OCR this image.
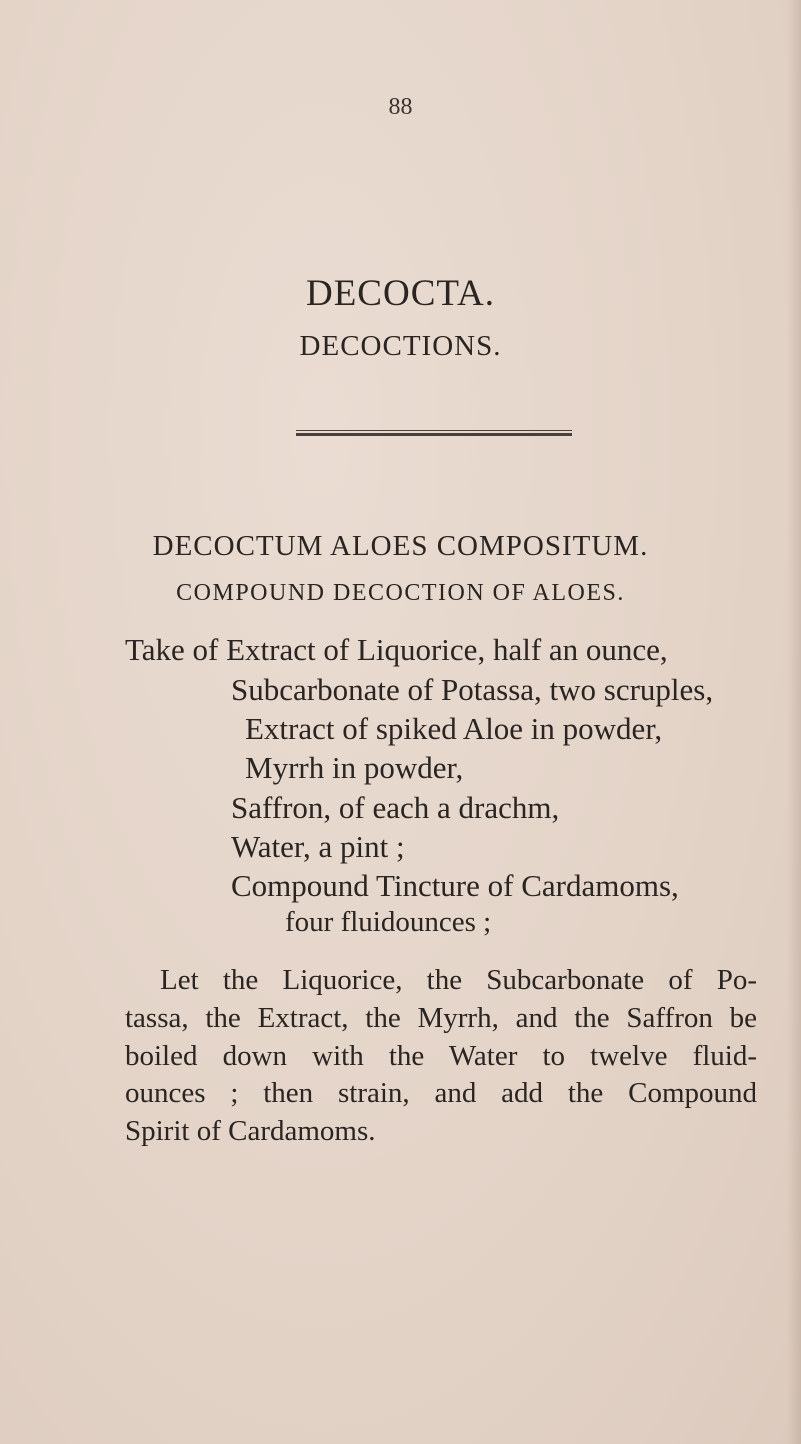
88
DECOCTA.
DECOCTIONS.
DECOCTUM ALOES COMPOSITUM.
COMPOUND DECOCTION OF ALOES.
Take of Extract of Liquorice, half an ounce,
Subcarbonate of Potassa, two scruples,
Extract of spiked Aloe in powder,
Myrrh in powder,
Saffron, of each a drachm,
Water, a pint ;
Compound Tincture of Cardamoms,
four fluidounces ;
Let the Liquorice, the Subcarbonate of Po-
tassa, the Extract, the Myrrh, and the Saffron be
boiled down with the Water to twelve fluid-
ounces ; then strain, and add the Compound
Spirit of Cardamoms.
